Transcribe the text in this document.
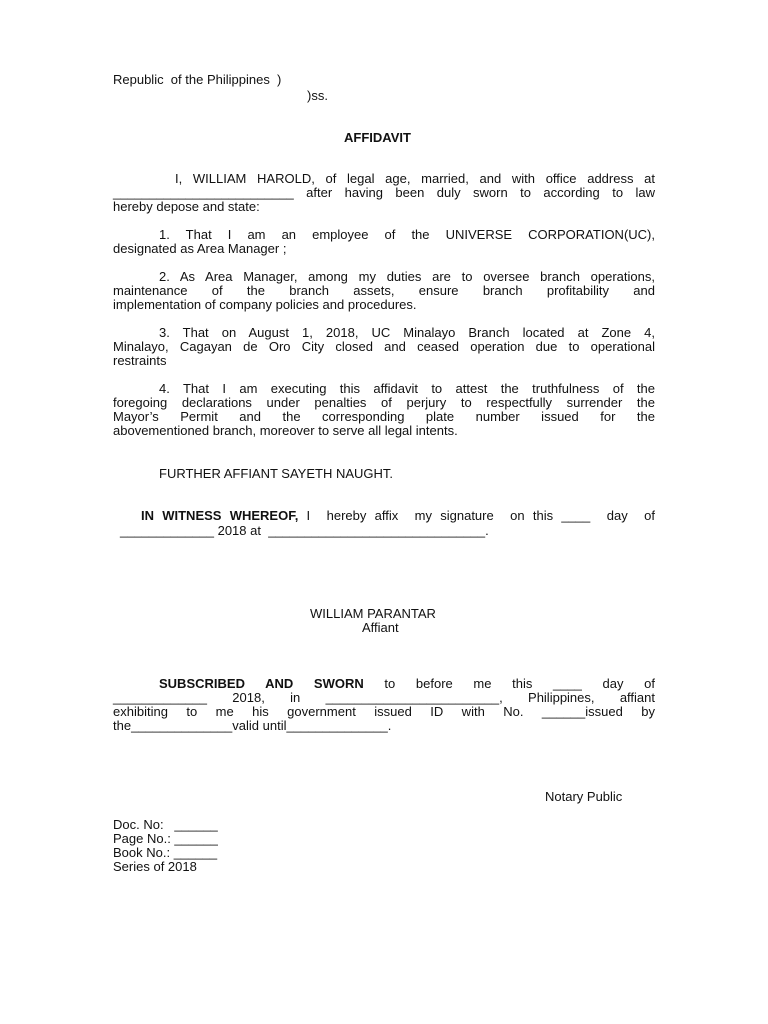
Republic  of the Philippines  )
)ss.
AFFIDAVIT
I, WILLIAM HAROLD, of legal age, married, and with office address at
_________________________ after having been duly sworn to according to law
hereby depose and state:
1. That I am an employee of the UNIVERSE CORPORATION(UC),
designated as Area Manager ;
2. As Area Manager, among my duties are to oversee branch operations,
maintenance of the branch assets, ensure branch profitability and
implementation of company policies and procedures.
3. That on August 1, 2018, UC Minalayo Branch located at Zone 4,
Minalayo, Cagayan de Oro City closed and ceased operation due to operational
restraints
4. That I am executing this affidavit to attest the truthfulness of the
foregoing declarations under penalties of perjury to respectfully surrender the
Mayor’s Permit and the corresponding plate number issued for the
abovementioned branch, moreover to serve all legal intents.
FURTHER AFFIANT SAYETH NAUGHT.
IN WITNESS WHEREOF, I  hereby affix  my signature  on this ____  day  of
_____________ 2018 at  ______________________________.
WILLIAM PARANTAR
Affiant
SUBSCRIBED AND SWORN to before me this ____ day of
_____________ 2018, in ________________________, Philippines, affiant
exhibiting to me his government issued ID with No. ______issued by
the______________valid until______________.
Notary Public
Doc. No:   ______
Page No.: ______
Book No.: ______
Series of 2018
